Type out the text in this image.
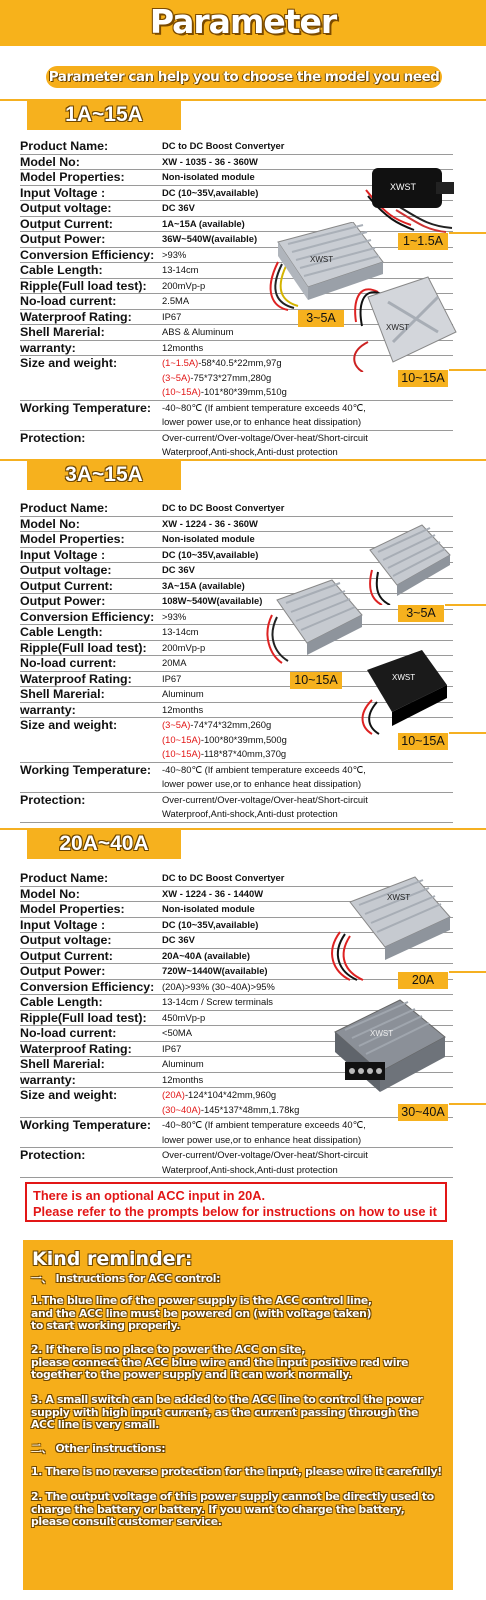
Parameter
Parameter can help you to choose the model you need
1A~15A
Product Name:	DC to DC Boost Convertyer
Model No:	XW - 1035 - 36 - 360W
Model Properties:	Non-isolated module
Input Voltage :	DC (10~35V,available)
Output voltage:	DC 36V
Output Current:	1A~15A (available)
Output Power:	36W~540W(available)
Conversion Efficiency:	>93%
Cable Length:	13-14cm
Ripple(Full load test):	200mVp-p
No-load current:	2.5MA
Waterproof Rating:	IP67
Shell Marerial:	ABS & Aluminum
warranty:	12months
Size and weight:	(1~1.5A)-58*40.5*22mm,97g
(3~5A)-75*73*27mm,280g
(10~15A)-101*80*39mm,510g

Working Temperature:	-40~80℃ (If ambient temperature exceeds 40℃,
lower power use,or to enhance heat dissipation)

Protection:	Over-current/Over-voltage/Over-heat/Short-circuit
Waterproof,Anti-shock,Anti-dust protection
XWST
1~1.5A
XWST
3~5A
XWST
10~15A
3A~15A
Product Name:	DC to DC Boost Convertyer
Model No:	XW - 1224 - 36 - 360W
Model Properties:	Non-isolated module
Input Voltage :	DC (10~35V,available)
Output voltage:	DC 36V
Output Current:	3A~15A (available)
Output Power:	108W~540W(available)
Conversion Efficiency:	>93%
Cable Length:	13-14cm
Ripple(Full load test):	200mVp-p
No-load current:	20MA
Waterproof Rating:	IP67
Shell Marerial:	Aluminum
warranty:	12months
Size and weight:	(3~5A)-74*74*32mm,260g
(10~15A)-100*80*39mm,500g
(10~15A)-118*87*40mm,370g

Working Temperature:	-40~80℃ (If ambient temperature exceeds 40℃,
lower power use,or to enhance heat dissipation)

Protection:	Over-current/Over-voltage/Over-heat/Short-circuit
Waterproof,Anti-shock,Anti-dust protection
3~5A
10~15A	XWST
10~15A
20A~40A
Product Name:	DC to DC Boost Convertyer
Model No:	XW - 1224 - 36 - 1440W
Model Properties:	Non-isolated module
Input Voltage :	DC (10~35V,available)
Output voltage:	DC 36V
Output Current:	20A~40A (available)
Output Power:	720W~1440W(available)
Conversion Efficiency:	(20A)>93% (30~40A)>95%
Cable Length:	13-14cm / Screw terminals
Ripple(Full load test):	450mVp-p
No-load current:	<50MA
Waterproof Rating:	IP67
Shell Marerial:	Aluminum
warranty:	12months
Size and weight:	(20A)-124*104*42mm,960g
(30~40A)-145*137*48mm,1.78kg

Working Temperature:	-40~80℃ (If ambient temperature exceeds 40℃,
lower power use,or to enhance heat dissipation)

Protection:	Over-current/Over-voltage/Over-heat/Short-circuit
Waterproof,Anti-shock,Anti-dust protection
XWST
20A
XWST
30~40A
There is an optional ACC input in 20A.
Please refer to the prompts below for instructions on how to use it
Kind reminder:
一、 Instructions for ACC control:
1.The blue line of the power supply is the ACC control line,
and the ACC line must be powered on (with voltage taken)
to start working properly.
2. If there is no place to power the ACC on site,
please connect the ACC blue wire and the input positive red wire
together to the power supply and it can work normally.
3. A small switch can be added to the ACC line to control the power
supply with high input current, as the current passing through the
ACC line is very small.
二、 Other instructions:
1. There is no reverse protection for the input, please wire it carefully!
2. The output voltage of this power supply cannot be directly used to
charge the battery or battery. If you want to charge the battery,
please consult customer service.
